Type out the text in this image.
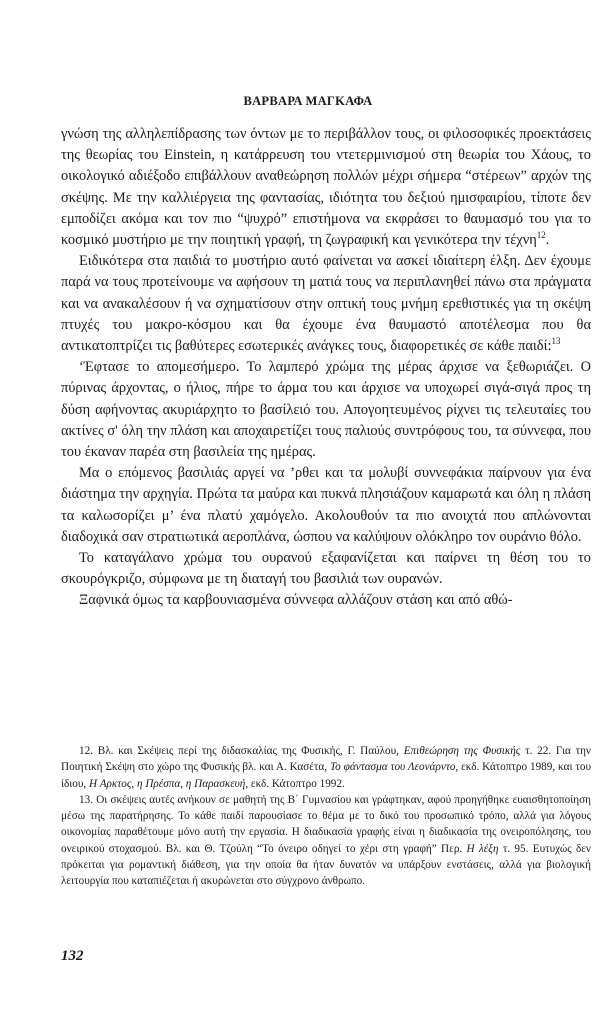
ΒΑΡΒΑΡΑ ΜΑΓΚΑΦΑ

γνώση της αλληλεπίδρασης των όντων με το περιβάλλον τους, οι φιλοσοφικές προεκτάσεις της θεωρίας του Einstein, η κατάρρευση του ντετερμινισμού στη θεωρία του Χάους, το οικολογικό αδιέξοδο επιβάλλουν αναθεώρηση πολλών μέχρι σήμερα “στέρεων” αρχών της σκέψης. Με την καλλιέργεια της φαντασίας, ιδιότητα του δεξιού ημισφαιρίου, τίποτε δεν εμποδίζει ακόμα και τον πιο “ψυχρό” επιστήμονα να εκφράσει το θαυμασμό του για το κοσμικό μυστήριο με την ποιητική γραφή, τη ζωγραφική και γενικότερα την τέχνη$^{12}$.

Ειδικότερα στα παιδιά το μυστήριο αυτό φαίνεται να ασκεί ιδιαίτερη έλξη. Δεν έχουμε παρά να τους προτείνουμε να αφήσουν τη ματιά τους να περιπλανηθεί πάνω στα πράγματα και να ανακαλέσουν ή να σχηματίσουν στην οπτική τους μνήμη ερεθιστικές για τη σκέψη πτυχές του μακρο-κόσμου και θα έχουμε ένα θαυμαστό αποτέλεσμα που θα αντικατοπτρίζει τις βαθύτερες εσωτερικές ανάγκες τους, διαφορετικές σε κάθε παιδί:$^{13}$

‘Έφτασε το απομεσήμερο. Το λαμπερό χρώμα της μέρας άρχισε να ξεθωριάζει. Ο πύρινας άρχοντας, ο ήλιος, πήρε το άρμα του και άρχισε να υποχωρεί σιγά-σιγά προς τη δύση αφήνοντας ακυριάρχητο το βασίλειό του. Απογοητευμένος ρίχνει τις τελευταίες του ακτίνες σ' όλη την πλάση και αποχαιρετίζει τους παλιούς συντρόφους του, τα σύννεφα, που του έκαναν παρέα στη βασιλεία της ημέρας.

Μα ο επόμενος βασιλιάς αργεί να ’ρθει και τα μολυβί συννεφάκια παίρνουν για ένα διάστημα την αρχηγία. Πρώτα τα μαύρα και πυκνά πλησιάζουν καμαρωτά και όλη η πλάση τα καλωσορίζει μ’ ένα πλατύ χαμόγελο. Ακολουθούν τα πιο ανοιχτά που απλώνονται διαδοχικά σαν στρατιωτικά αεροπλάνα, ώσπου να καλύψουν ολόκληρο τον ουράνιο θόλο.

Το καταγάλανο χρώμα του ουρανού εξαφανίζεται και παίρνει τη θέση του το σκουρόγκριζο, σύμφωνα με τη διαταγή του βασιλιά των ουρανών.

Ξαφνικά όμως τα καρβουνιασμένα σύννεφα αλλάζουν στάση και από αθώ-

12. Βλ. και Σκέψεις περί της διδασκαλίας της Φυσικής, Γ. Παύλου, Επιθεώρηση της Φυσικής τ. 22. Για την Ποιητική Σκέψη στο χώρο της Φυσικής βλ. και Α. Κασέτα, Το φάντασμα του Λεονάρντο, εκδ. Κάτοπτρο 1989, και του ίδιου, Η Αρκτος, η Πρέσπα, η Παρασκευή, εκδ. Κάτοπτρο 1992.

13. Οι σκέψεις αυτές ανήκουν σε μαθητή της Β΄ Γυμνασίου και γράφτηκαν, αφού προηγήθηκε ευαισθητοποίηση μέσω της παρατήρησης. Το κάθε παιδί παρουσίασε το θέμα με το δικό του προσωπικό τρόπο, αλλά για λόγους οικονομίας παραθέτουμε μόνο αυτή την εργασία. Η διαδικασία γραφής είναι η διαδικασία της ονειροπόλησης, του ονειρικού στοχασμού. Βλ. και Θ. Τζούλη “Το όνειρο οδηγεί το χέρι στη γραφή” Περ. Η λέξη τ. 95. Ευτυχώς δεν πρόκειται για ρομαντική διάθεση, για την οποία θα ήταν δυνατόν να υπάρξουν ενστάσεις, αλλά για βιολογική λειτουργία που καταπιέζεται ή ακυρώνεται στο σύγχρονο άνθρωπο.

132
